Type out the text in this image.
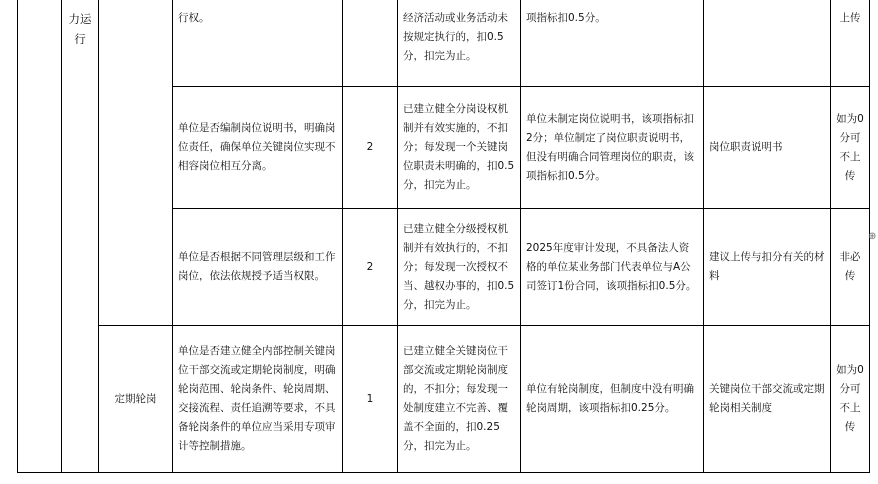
	力运行		行权。		经济活动或业务活动未按规定执行的，扣0.5分，扣完为止。	项指标扣0.5分。		上传
			单位是否编制岗位说明书，明确岗位责任，确保单位关键岗位实现不相容岗位相互分离。	2	已建立健全分岗设权机制并有效实施的，不扣分；每发现一个关键岗位职责未明确的，扣0.5分，扣完为止。	单位未制定岗位说明书，该项指标扣2分；单位制定了岗位职责说明书，但没有明确合同管理岗位的职责，该项指标扣0.5分。	岗位职责说明书	如为0分可不上传
			单位是否根据不同管理层级和工作岗位，依法依规授予适当权限。	2	已建立健全分级授权机制并有效执行的，不扣分；每发现一次授权不当、越权办事的，扣0.5分，扣完为止。	2025年度审计发现，不具备法人资格的单位某业务部门代表单位与A公司签订1份合同，该项指标扣0.5分。	建议上传与扣分有关的材料	非必传
		定期轮岗	单位是否建立健全内部控制关键岗位干部交流或定期轮岗制度，明确轮岗范围、轮岗条件、轮岗周期、交接流程、责任追溯等要求，不具备轮岗条件的单位应当采用专项审计等控制措施。	1	已建立健全关键岗位干部交流或定期轮岗制度的，不扣分；每发现一处制度建立不完善、覆盖不全面的，扣0.25分，扣完为止。	单位有轮岗制度，但制度中没有明确轮岗周期，该项指标扣0.25分。	关键岗位干部交流或定期轮岗相关制度	如为0分可不上传
⊕
